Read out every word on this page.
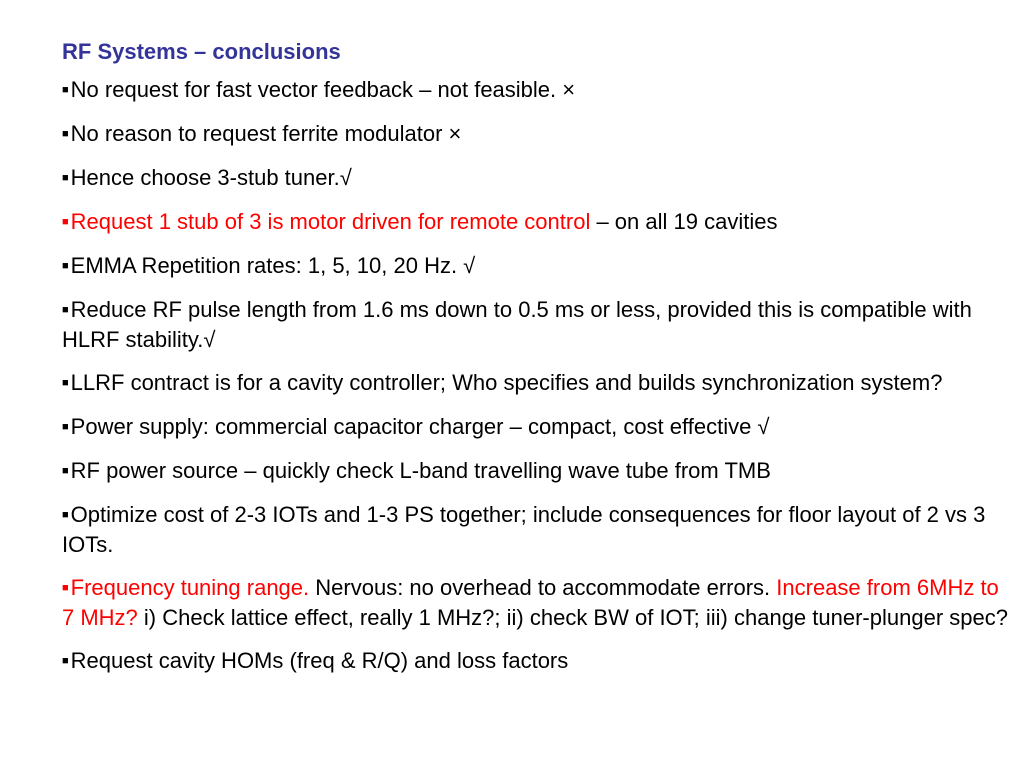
RF Systems – conclusions
■No request for fast vector feedback – not feasible. ×
■No reason to request ferrite modulator ×
■Hence choose 3-stub tuner.√
■Request 1 stub of 3 is motor driven for remote control – on all 19 cavities
■EMMA Repetition rates: 1, 5, 10, 20 Hz. √
■Reduce RF pulse length from 1.6 ms down to 0.5 ms or less, provided this is compatible with HLRF stability.√
■LLRF contract is for a cavity controller; Who specifies and builds synchronization system?
■Power supply: commercial capacitor charger – compact, cost effective √
■RF power source – quickly check L-band travelling wave tube from TMB
■Optimize cost of 2-3 IOTs and 1-3 PS together; include consequences for floor layout of 2 vs 3 IOTs.
■Frequency tuning range. Nervous: no overhead to accommodate errors. Increase from 6MHz to 7 MHz? i) Check lattice effect, really 1 MHz?; ii) check BW of IOT; iii) change tuner-plunger spec?
■Request cavity HOMs (freq & R/Q) and loss factors
